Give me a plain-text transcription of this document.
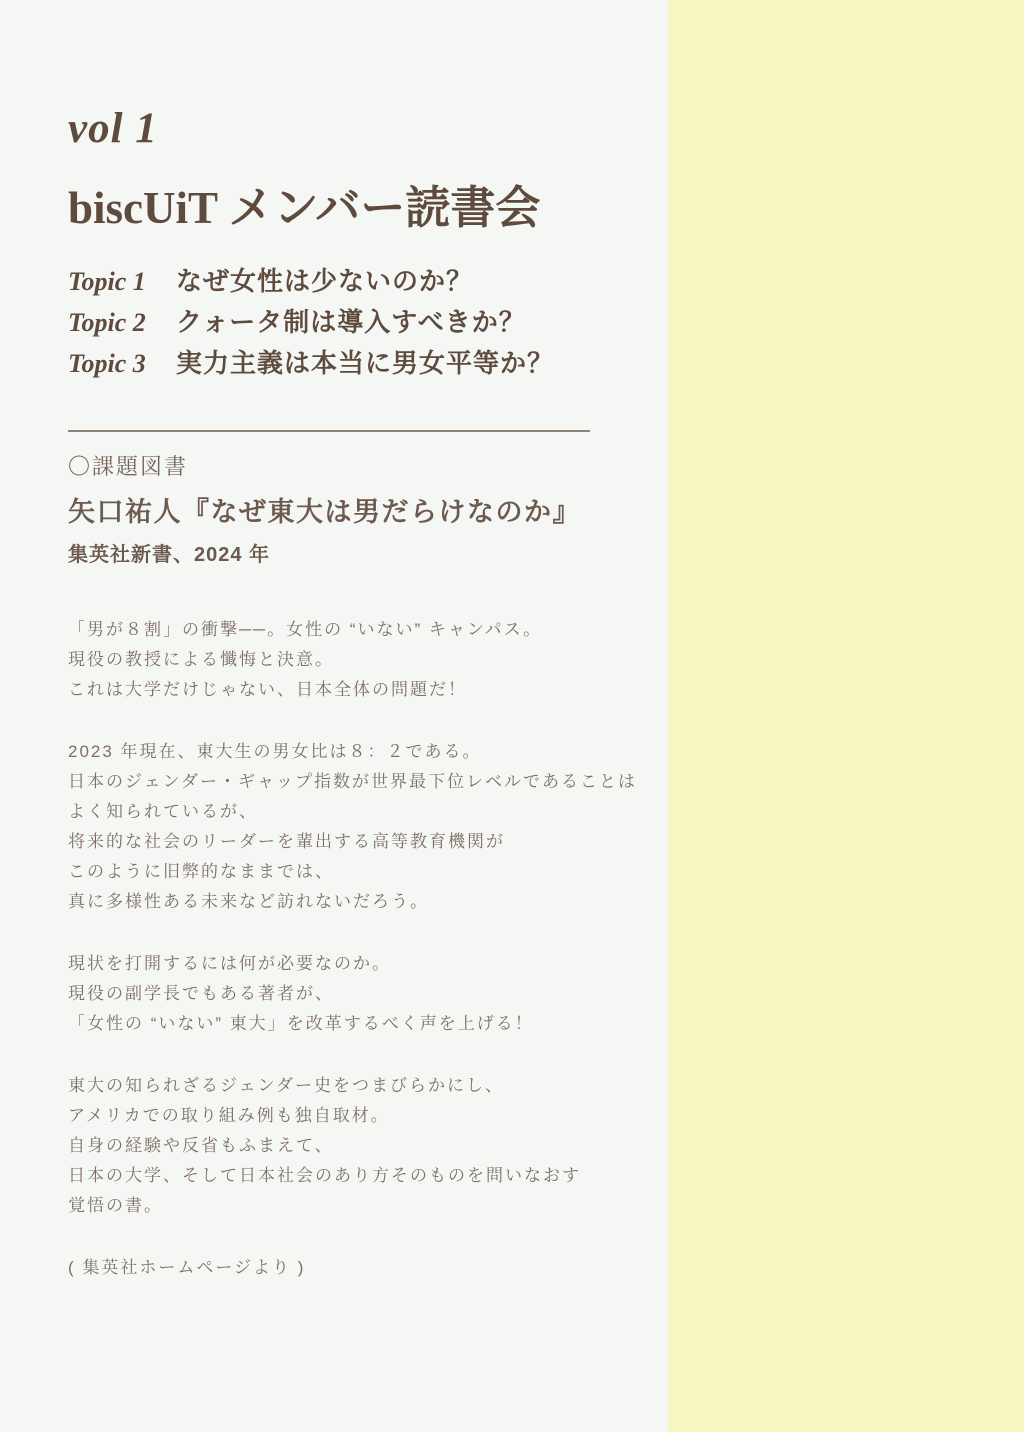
vol 1
biscUiT メンバー読書会
Topic 1	なぜ女性は少ないのか？
Topic 2	クォータ制は導入すべきか？
Topic 3	実力主義は本当に男女平等か？
〇課題図書
矢口祐人『なぜ東大は男だらけなのか』
集英社新書、2024 年
「男が８割」の衝撃──。女性の “いない” キャンパス。
現役の教授による懺悔と決意。
これは大学だけじゃない、日本全体の問題だ！
2023 年現在、東大生の男女比は８：２である。
日本のジェンダー・ギャップ指数が世界最下位レベルであることは
よく知られているが、
将来的な社会のリーダーを輩出する高等教育機関が
このように旧弊的なままでは、
真に多様性ある未来など訪れないだろう。
現状を打開するには何が必要なのか。
現役の副学長でもある著者が、
「女性の “いない” 東大」を改革するべく声を上げる！
東大の知られざるジェンダー史をつまびらかにし、
アメリカでの取り組み例も独自取材。
自身の経験や反省もふまえて、
日本の大学、そして日本社会のあり方そのものを問いなおす
覚悟の書。
( 集英社ホームページより )
